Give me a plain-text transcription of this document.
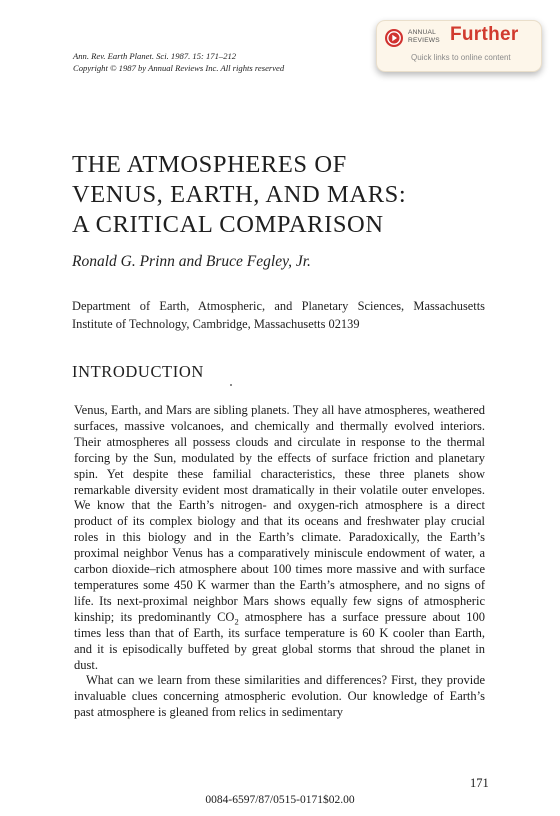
Ann. Rev. Earth Planet. Sci. 1987. 15: 171–212
Copyright © 1987 by Annual Reviews Inc. All rights reserved
ANNUAL
REVIEWS Further
Quick links to online content
THE ATMOSPHERES OF
VENUS, EARTH, AND MARS:
A CRITICAL COMPARISON
Ronald G. Prinn and Bruce Fegley, Jr.
Department of Earth, Atmospheric, and Planetary Sciences, Massachusetts Institute of Technology, Cambridge, Massachusetts 02139
INTRODUCTION

Venus, Earth, and Mars are sibling planets. They all have atmospheres, weathered surfaces, massive volcanoes, and chemically and thermally evolved interiors. Their atmospheres all possess clouds and circulate in response to the thermal forcing by the Sun, modulated by the effects of surface friction and planetary spin. Yet despite these familial characteristics, these three planets show remarkable diversity evident most dramatically in their volatile outer envelopes. We know that the Earth’s nitrogen- and oxygen-rich atmosphere is a direct product of its complex biology and that its oceans and freshwater play crucial roles in this biology and in the Earth’s climate. Paradoxically, the Earth’s proximal neighbor Venus has a comparatively miniscule endowment of water, a carbon dioxide–rich atmosphere about 100 times more massive and with surface temperatures some 450 K warmer than the Earth’s atmosphere, and no signs of life. Its next-proximal neighbor Mars shows equally few signs of atmospheric kinship; its predominantly $CO_2$ atmosphere has a surface pressure about 100 times less than that of Earth, its surface temperature is 60 K cooler than Earth, and it is episodically buffeted by great global storms that shroud the planet in dust.

What can we learn from these similarities and differences? First, they provide invaluable clues concerning atmospheric evolution. Our knowledge of Earth’s past atmosphere is gleaned from relics in sedimentary

171
0084-6597/87/0515-0171$02.00
